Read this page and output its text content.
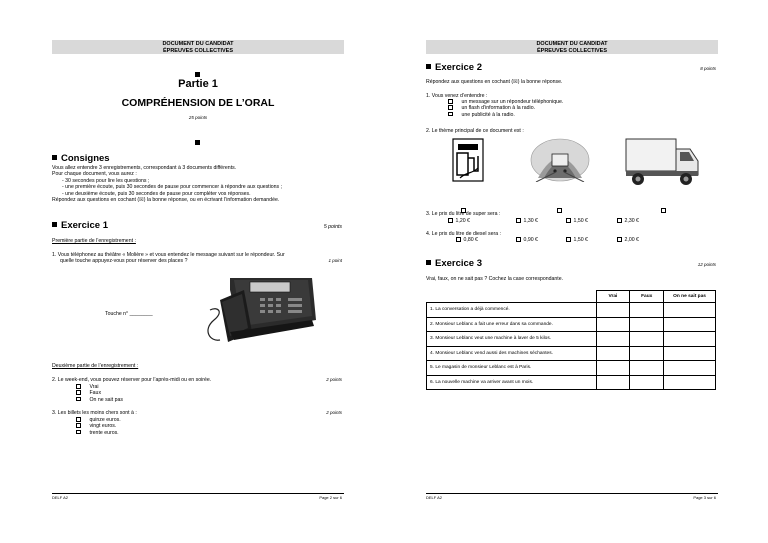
DOCUMENT DU CANDIDAT
ÉPREUVES COLLECTIVES
Partie 1
COMPRÉHENSION DE L’ORAL
25 points
Consignes
Vous allez entendre 3 enregistrements, correspondant à 3 documents différents.
Pour chaque document, vous aurez :
- 30 secondes pour lire les questions ;
- une première écoute, puis 30 secondes de pause pour commencer à répondre aux questions ;
- une deuxième écoute, puis 30 secondes de pause pour compléter vos réponses.
Répondez aux questions en cochant (☒) la bonne réponse, ou en écrivant l’information demandée.
Exercice 1	5 points
Première partie de l’enregistrement :
1. Vous téléphonez au théâtre « Molière » et vous entendez le message suivant sur le répondeur. Sur
quelle touche appuyez-vous pour réserver des places ?	1 point
Touche n° ________
Deuxième partie de l’enregistrement :
2. Le week-end, vous pouvez réserver pour l’après-midi ou en soirée.	2 points
Vrai
Faux
On ne sait pas
3. Les billets les moins chers sont à :	2 points
quinze euros.
vingt euros.
trente euros.
DELF A2	Page 2 sur 6
DOCUMENT DU CANDIDAT
ÉPREUVES COLLECTIVES
Exercice 2	8 points
Répondez aux questions en cochant (☒) la bonne réponse.
1. Vous venez d’entendre :
un message sur un répondeur téléphonique.
un flash d’information à la radio.
une publicité à la radio.
2. Le thème principal de ce document est :
3. Le prix du litre de super sera :
1,20 €	1,30 €	1,50 €	2,30 €
4. Le prix du litre de diesel sera :
0,80 €	0,90 €	1,50 €	2,00 €
Exercice 3	12 points
Vrai, faux, on ne sait pas ? Cochez la case correspondante.
	Vrai	Faux	On ne sait pas
1. La conversation a déjà commencé.			
2. Monsieur Leblanc a fait une erreur dans sa commande.			
3. Monsieur Leblanc veut une machine à laver de 5 kilos.			
4. Monsieur Leblanc vend aussi des machines séchantes.			
5. Le magasin de monsieur Leblanc est à Paris.			
6. La nouvelle machine va arriver avant un mois.			
DELF A2	Page 3 sur 6
